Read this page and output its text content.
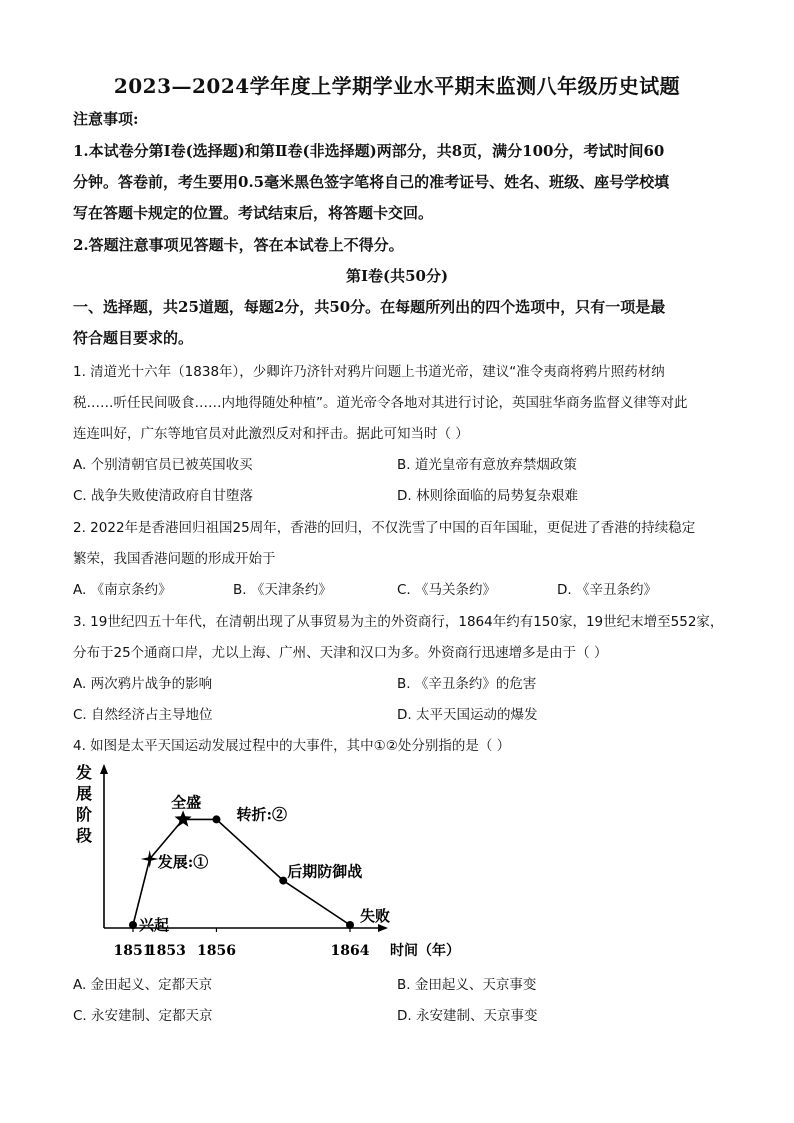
2023—2024学年度上学期学业水平期末监测八年级历史试题
注意事项:
1.本试卷分第Ⅰ卷(选择题)和第Ⅱ卷(非选择题)两部分，共8页，满分100分，考试时间60
分钟。答卷前，考生要用0.5毫米黑色签字笔将自己的准考证号、姓名、班级、座号学校填
写在答题卡规定的位置。考试结束后，将答题卡交回。
2.答题注意事项见答题卡，答在本试卷上不得分。
第Ⅰ卷(共50分)
一、选择题，共25道题，每题2分，共50分。在每题所列出的四个选项中，只有一项是最
符合题目要求的。
1. 清道光十六年（1838年），少卿许乃济针对鸦片问题上书道光帝，建议“准令夷商将鸦片照药材纳
税……听任民间吸食……内地得随处种植”。道光帝令各地对其进行讨论，英国驻华商务监督义律等对此
连连叫好，广东等地官员对此激烈反对和抨击。据此可知当时（ ）
A. 个别清朝官员已被英国收买	B. 道光皇帝有意放弃禁烟政策
C. 战争失败使清政府自甘堕落	D. 林则徐面临的局势复杂艰难
2. 2022年是香港回归祖国25周年，香港的回归，不仅洗雪了中国的百年国耻，更促进了香港的持续稳定
繁荣，我国香港问题的形成开始于
A. 《南京条约》	B. 《天津条约》	C. 《马关条约》	D. 《辛丑条约》
3. 19世纪四五十年代，在清朝出现了从事贸易为主的外资商行，1864年约有150家，19世纪末增至552家，
分布于25个通商口岸，尤以上海、广州、天津和汉口为多。外资商行迅速增多是由于（ ）
A. 两次鸦片战争的影响	B. 《辛丑条约》的危害
C. 自然经济占主导地位	D. 太平天国运动的爆发
4. 如图是太平天国运动发展过程中的大事件，其中①②处分别指的是（ ）
发
展
阶
段
时间（年）
1851
1853 1856	1864
兴起
发展:①
全盛
转折:②
后期防御战
失败
A. 金田起义、定都天京	B. 金田起义、天京事变
C. 永安建制、定都天京	D. 永安建制、天京事变
